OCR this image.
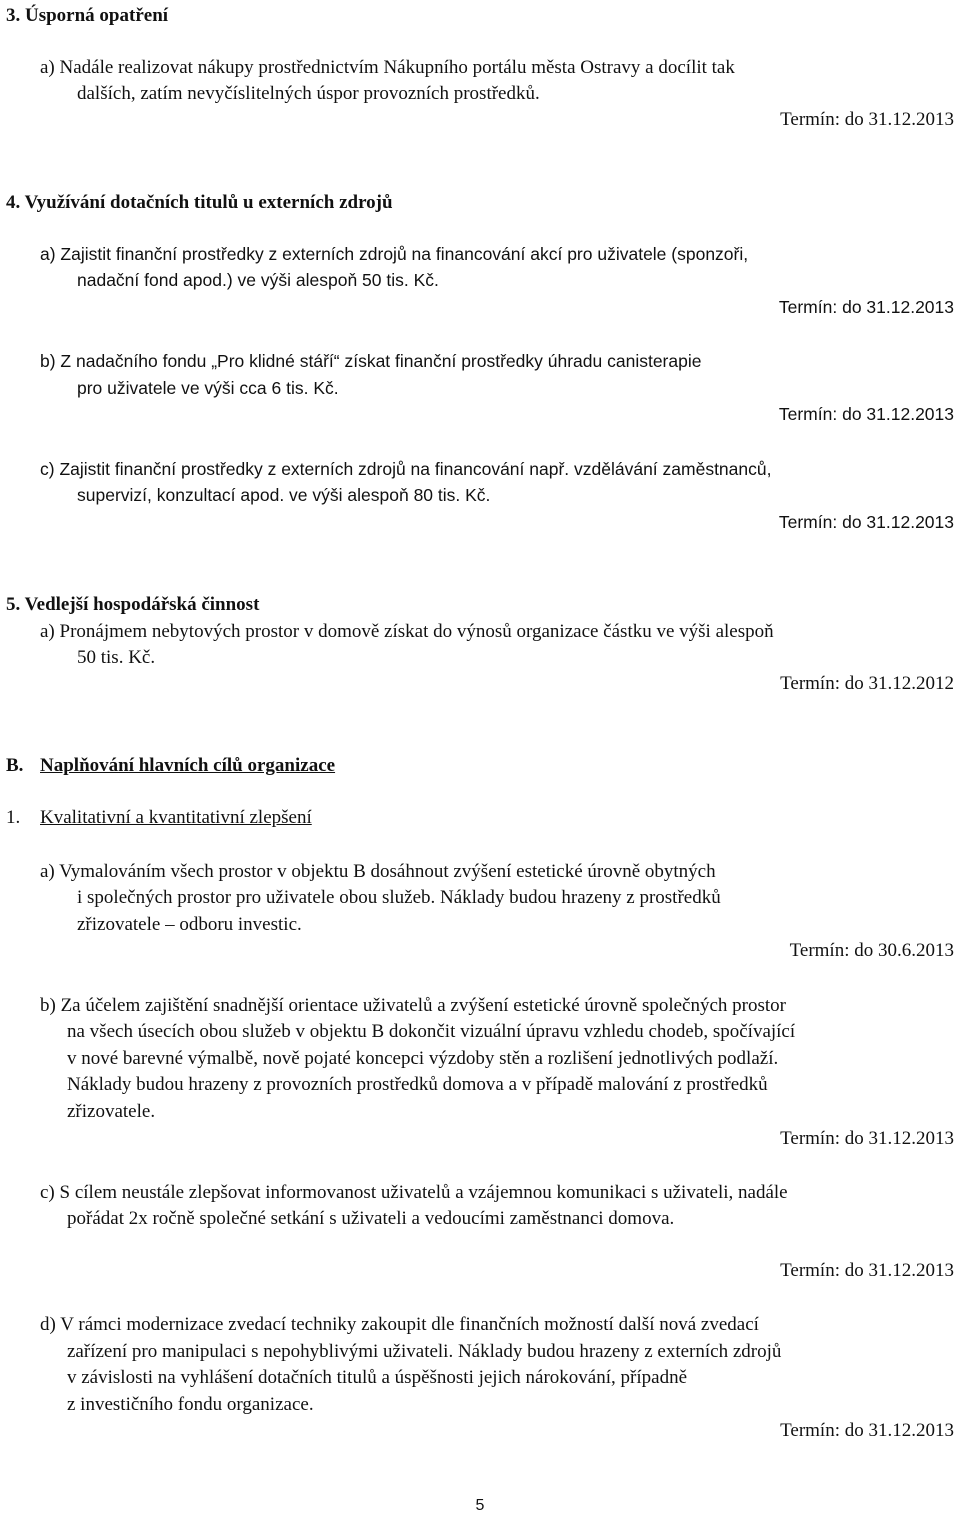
3. Úsporná opatření
a) Nadále realizovat nákupy prostřednictvím Nákupního portálu města Ostravy a docílit tak
dalších, zatím nevyčíslitelných úspor provozních prostředků.
Termín: do 31.12.2013
4. Využívání dotačních titulů u externích zdrojů
a) Zajistit finanční prostředky z externích zdrojů na financování akcí pro uživatele (sponzoři,
nadační fond apod.) ve výši alespoň 50 tis. Kč.
Termín: do 31.12.2013
b) Z nadačního fondu „Pro klidné stáří“ získat finanční prostředky úhradu canisterapie
pro uživatele ve výši cca 6 tis. Kč.
Termín: do 31.12.2013
c) Zajistit finanční prostředky z externích zdrojů na financování např. vzdělávání zaměstnanců,
supervizí, konzultací apod. ve výši alespoň 80 tis. Kč.
Termín: do 31.12.2013
5. Vedlejší hospodářská činnost
a) Pronájmem nebytových prostor v domově získat do výnosů organizace částku ve výši alespoň
50 tis. Kč.
Termín: do 31.12.2012
B. Naplňování hlavních cílů organizace
1. Kvalitativní a kvantitativní zlepšení
a) Vymalováním všech prostor v objektu B dosáhnout zvýšení estetické úrovně obytných
i společných prostor pro uživatele obou služeb. Náklady budou hrazeny z prostředků
zřizovatele – odboru investic.
Termín: do 30.6.2013
b) Za účelem zajištění snadnější orientace uživatelů a zvýšení estetické úrovně společných prostor
na všech úsecích obou služeb v objektu B dokončit vizuální úpravu vzhledu chodeb, spočívající
v nové barevné výmalbě, nově pojaté koncepci výzdoby stěn a rozlišení jednotlivých podlaží.
Náklady budou hrazeny z provozních prostředků domova a v případě malování z prostředků
zřizovatele.
Termín: do 31.12.2013
c) S cílem neustále zlepšovat informovanost uživatelů a vzájemnou komunikaci s uživateli, nadále
pořádat 2x ročně společné setkání s uživateli a vedoucími zaměstnanci domova.
Termín: do 31.12.2013
d) V rámci modernizace zvedací techniky zakoupit dle finančních možností další nová zvedací
zařízení pro manipulaci s nepohyblivými uživateli. Náklady budou hrazeny z externích zdrojů
v závislosti na vyhlášení dotačních titulů a úspěšnosti jejich nárokování, případně
z investičního fondu organizace.
Termín: do 31.12.2013
5
